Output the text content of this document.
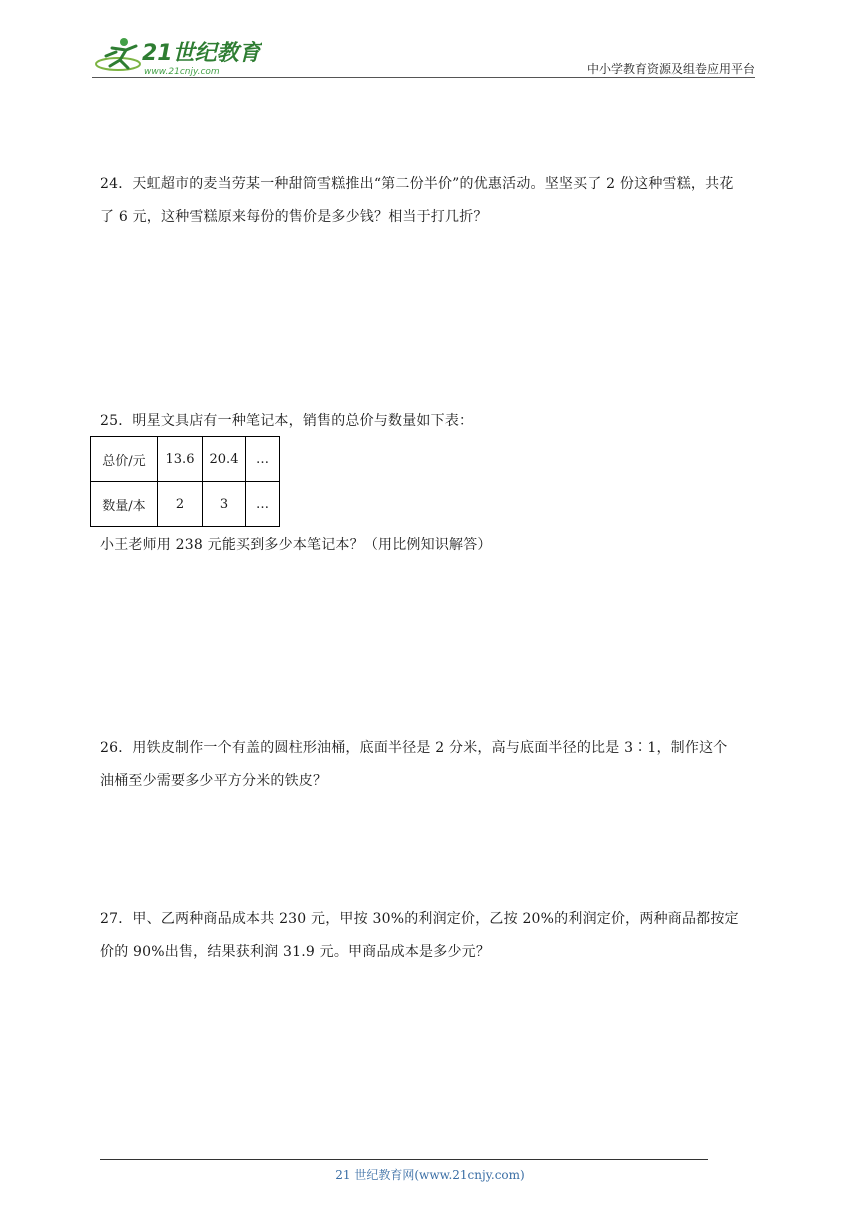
21世纪教育
www.21cnjy.com	中小学教育资源及组卷应用平台

24．天虹超市的麦当劳某一种甜筒雪糕推出“第二份半价”的优惠活动。坚坚买了 2 份这种雪糕，共花

了 6 元，这种雪糕原来每份的售价是多少钱？相当于打几折？

25．明星文具店有一种笔记本，销售的总价与数量如下表：

总价/元	13.6	20.4	…
数量/本	2	3	…

小王老师用 238 元能买到多少本笔记本？（用比例知识解答）

26．用铁皮制作一个有盖的圆柱形油桶，底面半径是 2 分米，高与底面半径的比是 3∶1，制作这个

油桶至少需要多少平方分米的铁皮？

27．甲、乙两种商品成本共 230 元，甲按 30%的利润定价，乙按 20%的利润定价，两种商品都按定

价的 90%出售，结果获利润 31.9 元。甲商品成本是多少元？

21 世纪教育网(www.21cnjy.com)
